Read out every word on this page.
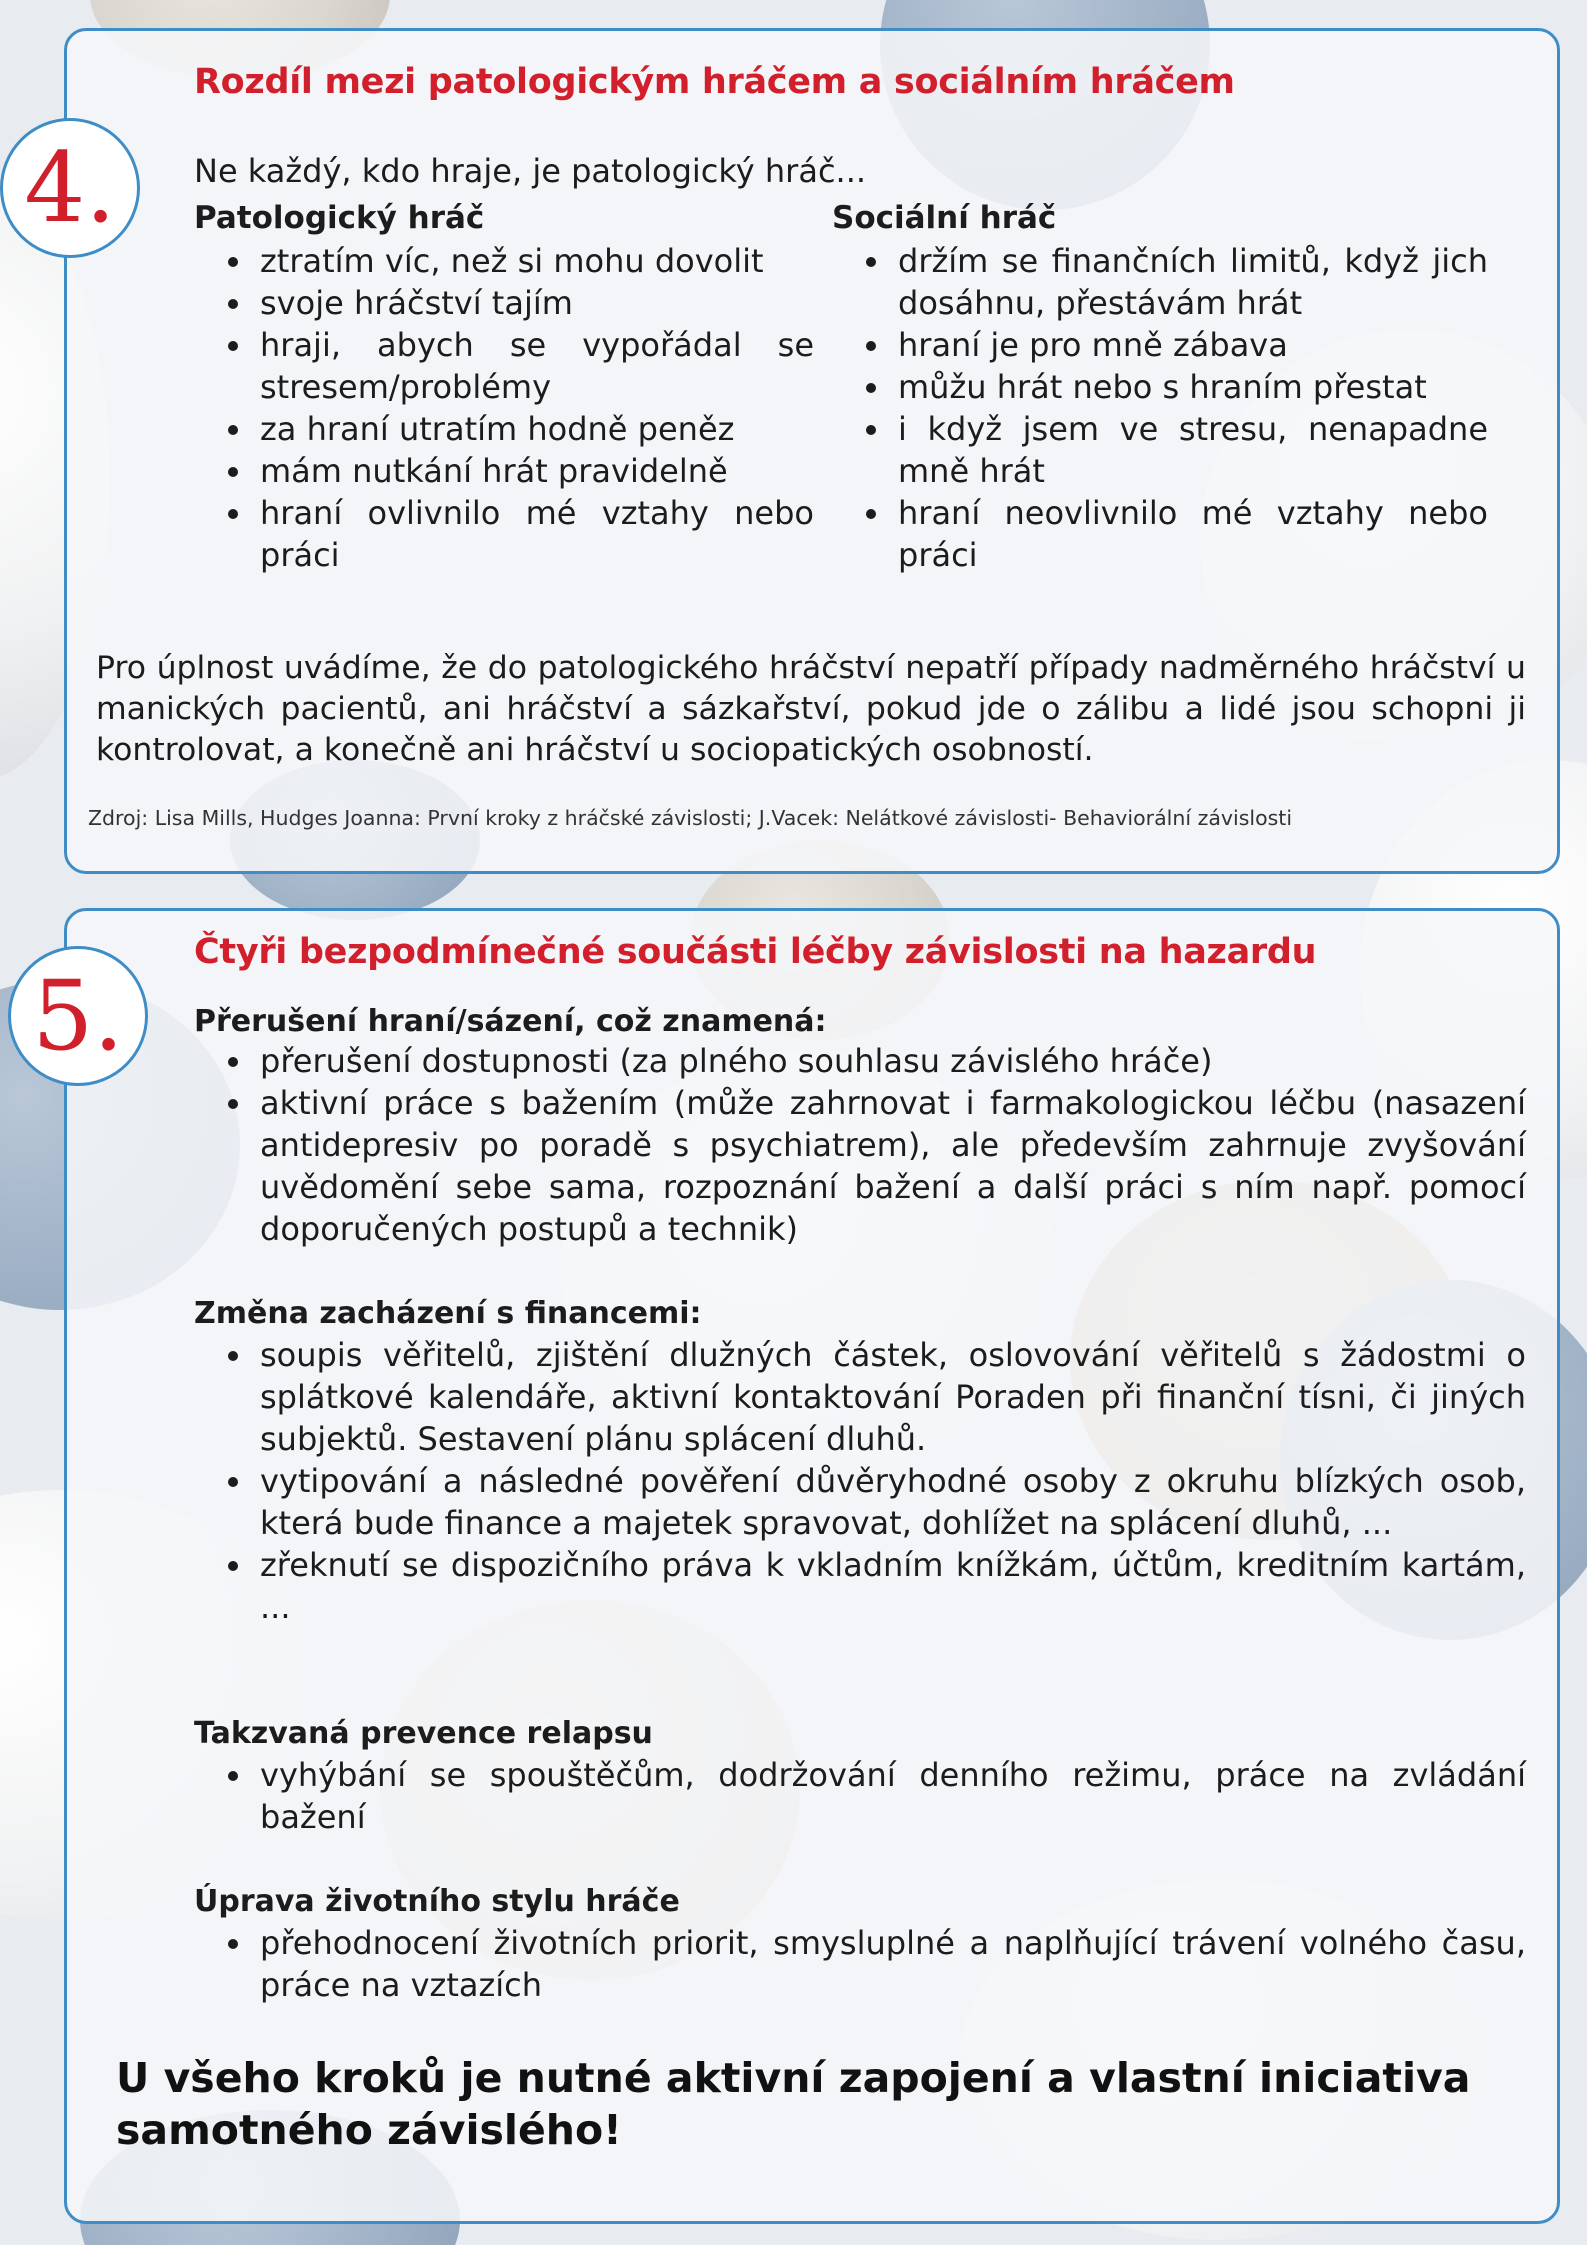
4.
Rozdíl mezi patologickým hráčem a sociálním hráčem

Ne každý, kdo hraje, je patologický hráč...

Patologický hráč

ztratím víc, než si mohu dovolit
svoje hráčství tajím
hraji, abych se vypořádal se stresem/problémy
za hraní utratím hodně peněz
mám nutkání hrát pravidelně
hraní ovlivnilo mé vztahy nebo práci

Sociální hráč

držím se finančních limitů, když jich dosáhnu, přestávám hrát
hraní je pro mně zábava
můžu hrát nebo s hraním přestat
i když jsem ve stresu, nenapadne mně hrát
hraní neovlivnilo mé vztahy nebo práci

Pro úplnost uvádíme, že do patologického hráčství nepatří případy nadměrného hráčství u manických pacientů, ani hráčství a sázkařství, pokud jde o zálibu a lidé jsou schopni ji kontrolovat, a konečně ani hráčství u sociopatických osobností.

Zdroj: Lisa Mills, Hudges Joanna: První kroky z hráčské závislosti; J.Vacek: Nelátkové závislosti- Behaviorální závislosti

5.
Čtyři bezpodmínečné součásti léčby závislosti na hazardu

Přerušení hraní/sázení, což znamená:

přerušení dostupnosti (za plného souhlasu závislého hráče)
aktivní práce s bažením (může zahrnovat i farmakologickou léčbu (nasazení antidepresiv po poradě s psychiatrem), ale především zahrnuje zvyšování uvědomění sebe sama, rozpoznání bažení a další práci s ním např. pomocí doporučených postupů a technik)

Změna zacházení s financemi:

soupis věřitelů, zjištění dlužných částek, oslovování věřitelů s žádostmi o splátkové kalendáře, aktivní kontaktování Poraden při finanční tísni, či jiných subjektů. Sestavení plánu splácení dluhů.
vytipování a následné pověření důvěryhodné osoby z okruhu blízkých osob, která bude finance a majetek spravovat, dohlížet na splácení dluhů, ...
zřeknutí se dispozičního práva k vkladním knížkám, účtům, kreditním kartám, ...

Takzvaná prevence relapsu

vyhýbání se spouštěčům, dodržování denního režimu, práce na zvládání bažení

Úprava životního stylu hráče

přehodnocení životních priorit, smysluplné a naplňující trávení volného času, práce na vztazích

U všeho kroků je nutné aktivní zapojení a vlastní iniciativa samotného závislého!
